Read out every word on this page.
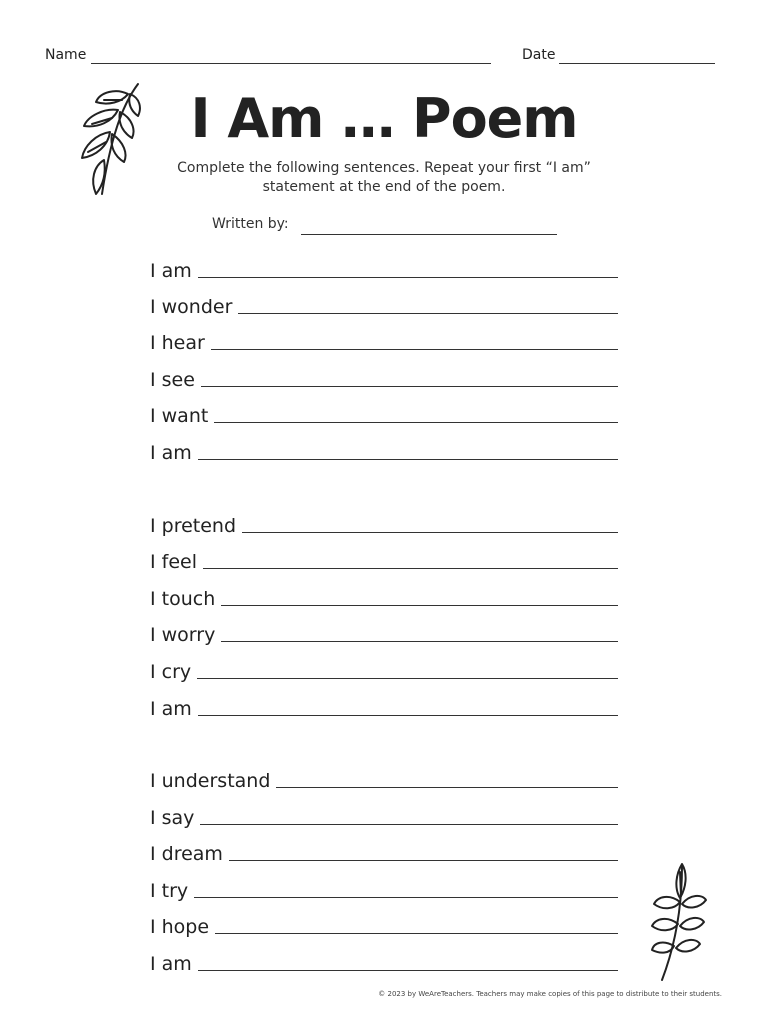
Name	Date
I Am … Poem
Complete the following sentences. Repeat your first “I am”
statement at the end of the poem.
Written by:
I am
I wonder
I hear
I see
I want
I am
I pretend
I feel
I touch
I worry
I cry
I am
I understand
I say
I dream
I try
I hope
I am
© 2023 by WeAreTeachers. Teachers may make copies of this page to distribute to their students.
